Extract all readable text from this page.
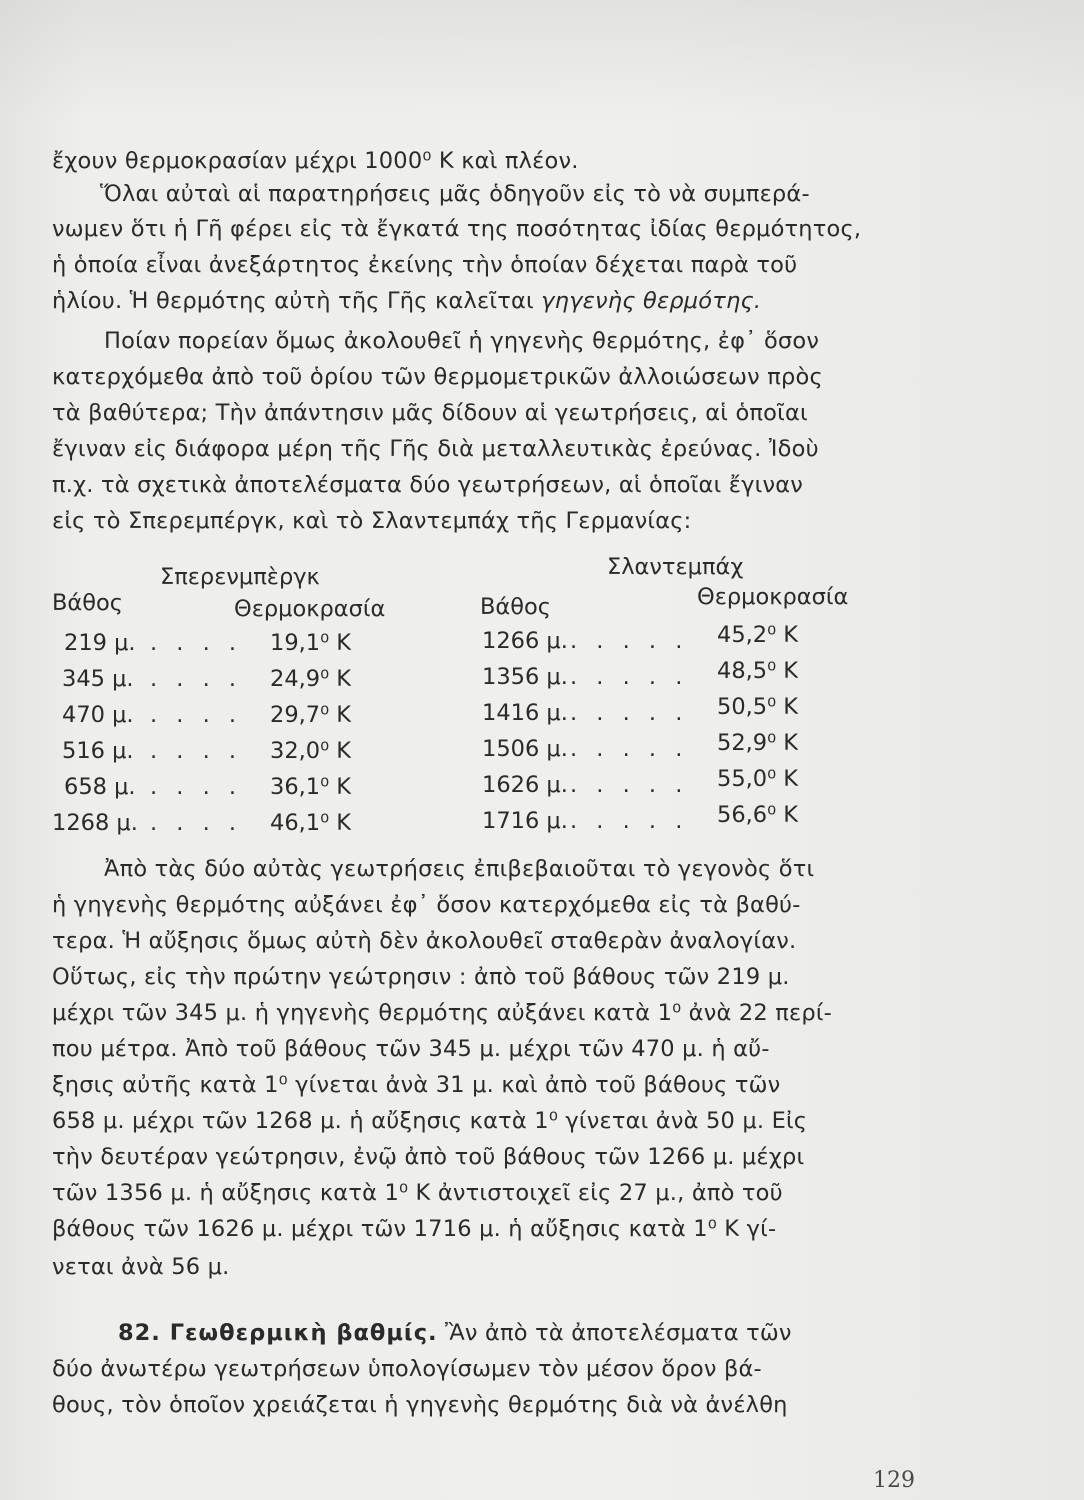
ἔχουν θερμοκρασίαν μέχρι 1000⁰ Κ καὶ πλέον.
Ὅλαι αὐταὶ αἱ παρατηρήσεις μᾶς ὁδηγοῦν εἰς τὸ νὰ συμπερά-
νωμεν ὅτι ἡ Γῆ φέρει εἰς τὰ ἔγκατά της ποσότητας ἰδίας θερμότητος,
ἡ ὁποία εἶναι ἀνεξάρτητος ἐκείνης τὴν ὁποίαν δέχεται παρὰ τοῦ
ἡλίου. Ἡ θερμότης αὐτὴ τῆς Γῆς καλεῖται γηγενὴς θερμότης.
Ποίαν πορείαν ὅμως ἀκολουθεῖ ἡ γηγενὴς θερμότης, ἐφ᾽ ὅσον
κατερχόμεθα ἀπὸ τοῦ ὁρίου τῶν θερμομετρικῶν ἀλλοιώσεων πρὸς
τὰ βαθύτερα; Τὴν ἀπάντησιν μᾶς δίδουν αἱ γεωτρήσεις, αἱ ὁποῖαι
ἔγιναν εἰς διάφορα μέρη τῆς Γῆς διὰ μεταλλευτικὰς ἐρεύνας. Ἰδοὺ
π.χ. τὰ σχετικὰ ἀποτελέσματα δύο γεωτρήσεων, αἱ ὁποῖαι ἔγιναν
εἰς τὸ Σπερεμπέργκ, καὶ τὸ Σλαντεμπάχ τῆς Γερμανίας:
Σπερενμπὲργκ	Σλαντεμπάχ
Βάθος	Θερμοκρασία	Βάθος	Θερμοκρασία
219 μ. . . . . 19,1⁰ Κ
345 μ. . . . . 24,9⁰ Κ
470 μ. . . . . 29,7⁰ Κ
516 μ. . . . . 32,0⁰ Κ
658 μ. . . . . 36,1⁰ Κ
1268 μ. . . . . 46,1⁰ Κ
1266 μ. . . . . . 45,2⁰ Κ
1356 μ. . . . . . 48,5⁰ Κ
1416 μ. . . . . . 50,5⁰ Κ
1506 μ. . . . . . 52,9⁰ Κ
1626 μ. . . . . . 55,0⁰ Κ
1716 μ. . . . . . 56,6⁰ Κ
Ἀπὸ τὰς δύο αὐτὰς γεωτρήσεις ἐπιβεβαιοῦται τὸ γεγονὸς ὅτι
ἡ γηγενὴς θερμότης αὐξάνει ἐφ᾽ ὅσον κατερχόμεθα εἰς τὰ βαθύ-
τερα. Ἡ αὔξησις ὅμως αὐτὴ δὲν ἀκολουθεῖ σταθερὰν ἀναλογίαν.
Οὕτως, εἰς τὴν πρώτην γεώτρησιν : ἀπὸ τοῦ βάθους τῶν 219 μ.
μέχρι τῶν 345 μ. ἡ γηγενὴς θερμότης αὐξάνει κατὰ 1⁰ ἀνὰ 22 περί-
που μέτρα. Ἀπὸ τοῦ βάθους τῶν 345 μ. μέχρι τῶν 470 μ. ἡ αὔ-
ξησις αὐτῆς κατὰ 1⁰ γίνεται ἀνὰ 31 μ. καὶ ἀπὸ τοῦ βάθους τῶν
658 μ. μέχρι τῶν 1268 μ. ἡ αὔξησις κατὰ 1⁰ γίνεται ἀνὰ 50 μ. Εἰς
τὴν δευτέραν γεώτρησιν, ἐνῷ ἀπὸ τοῦ βάθους τῶν 1266 μ. μέχρι
τῶν 1356 μ. ἡ αὔξησις κατὰ 1⁰ Κ ἀντιστοιχεῖ εἰς 27 μ., ἀπὸ τοῦ
βάθους τῶν 1626 μ. μέχρι τῶν 1716 μ. ἡ αὔξησις κατὰ 1⁰ Κ γί-
νεται ἀνὰ 56 μ.
82. Γεωθερμικὴ βαθμίς. Ἂν ἀπὸ τὰ ἀποτελέσματα τῶν
δύο ἀνωτέρω γεωτρήσεων ὑπολογίσωμεν τὸν μέσον ὅρον βά-
θους, τὸν ὁποῖον χρειάζεται ἡ γηγενὴς θερμότης διὰ νὰ ἀνέλθη
129
